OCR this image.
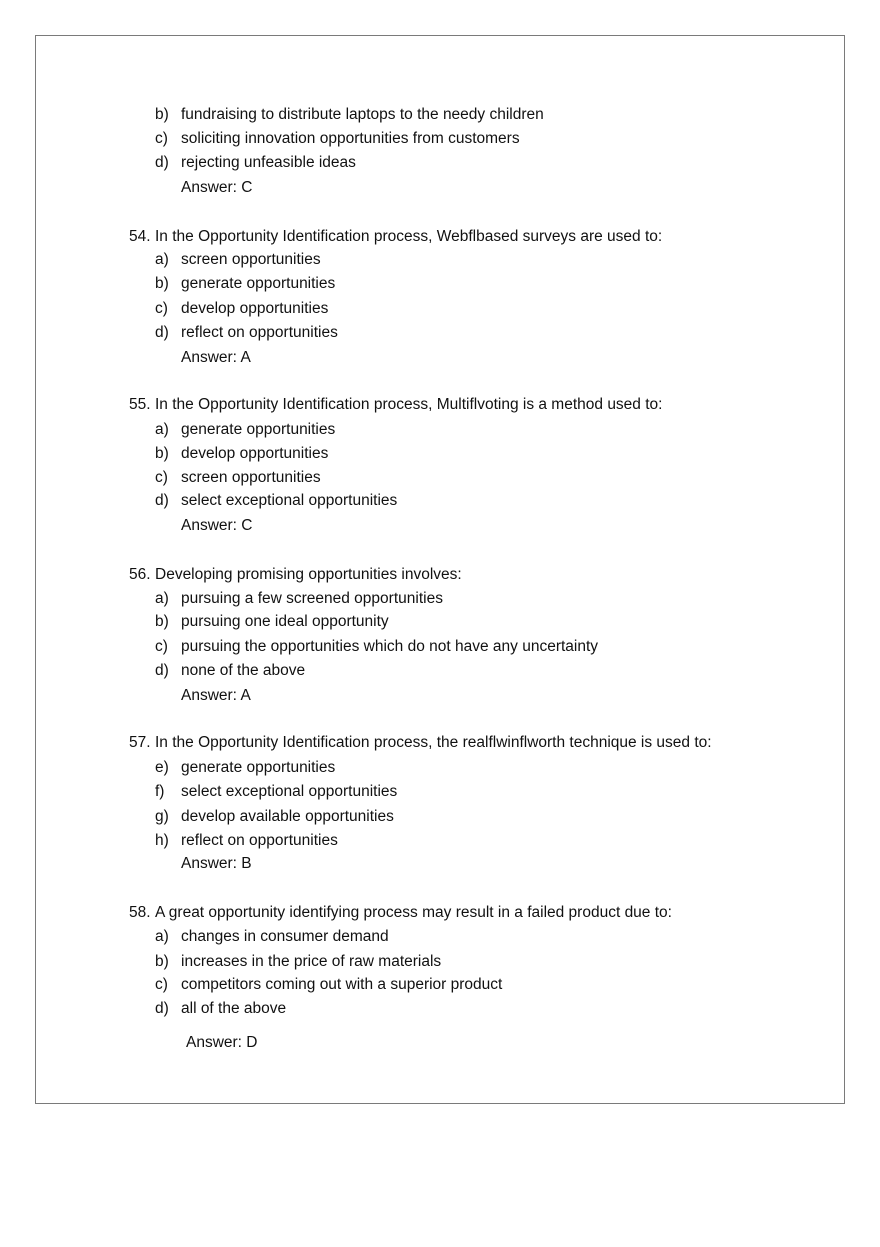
b) fundraising to distribute laptops to the needy children
c) soliciting innovation opportunities from customers
d) rejecting unfeasible ideas
Answer: C
54. In the Opportunity Identification process, Webflbased surveys are used to:
a) screen opportunities
b) generate opportunities
c) develop opportunities
d) reflect on opportunities
Answer: A
55. In the Opportunity Identification process, Multiflvoting is a method used to:
a) generate opportunities
b) develop opportunities
c) screen opportunities
d) select exceptional opportunities
Answer: C
56. Developing promising opportunities involves:
a) pursuing a few screened opportunities
b) pursuing one ideal opportunity
c) pursuing the opportunities which do not have any uncertainty
d) none of the above
Answer: A
57. In the Opportunity Identification process, the realflwinflworth technique is used to:
e) generate opportunities
f) select exceptional opportunities
g) develop available opportunities
h) reflect on opportunities
Answer: B
58. A great opportunity identifying process may result in a failed product due to:
a) changes in consumer demand
b) increases in the price of raw materials
c) competitors coming out with a superior product
d) all of the above
Answer: D
